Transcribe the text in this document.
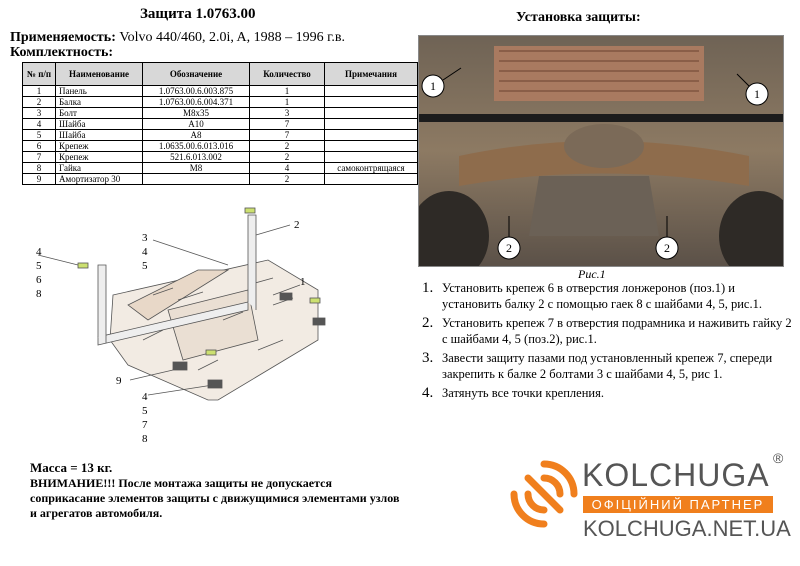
Защита 1.0763.00
Применяемость: Volvo 440/460, 2.0i, A, 1988 – 1996 г.в.
Комплектность:
№ п/п	Наименование	Обозначение	Количество	Примечания
1	Панель	1.0763.00.6.003.875	1	
2	Балка	1.0763.00.6.004.371	1	
3	Болт	M8x35	3	
4	Шайба	A10	7	
5	Шайба	A8	7	
6	Крепеж	1.0635.00.6.013.016	2	
7	Крепеж	521.6.013.002	2	
8	Гайка	M8	4	самоконтрящаяся
9	Амортизатор 30		2	
4
5
6
8
3
4
5
2
1
9
4
5
7
8
Установка защиты:
1
1
2	2
Рис.1
1. Установить крепеж 6 в отверстия лонжеронов (поз.1) и установить балку 2 с помощью гаек 8 с шайбами 4, 5, рис.1.
2. Установить крепеж 7 в отверстия подрамника и наживить гайку 2 с шайбами 4, 5 (поз.2), рис.1.
3. Завести защиту пазами под установленный крепеж 7, спереди закрепить к балке 2 болтами 3 с шайбами 4, 5, рис 1.
4. Затянуть все точки крепления.
Масса = 13 кг.
ВНИМАНИЕ!!! После монтажа защиты не допускается соприкасание элементов защиты с движущимися элементами узлов и агрегатов автомобиля.
KOLCHUGA ®
ОФІЦІЙНИЙ ПАРТНЕР
KOLCHUGA.NET.UA
